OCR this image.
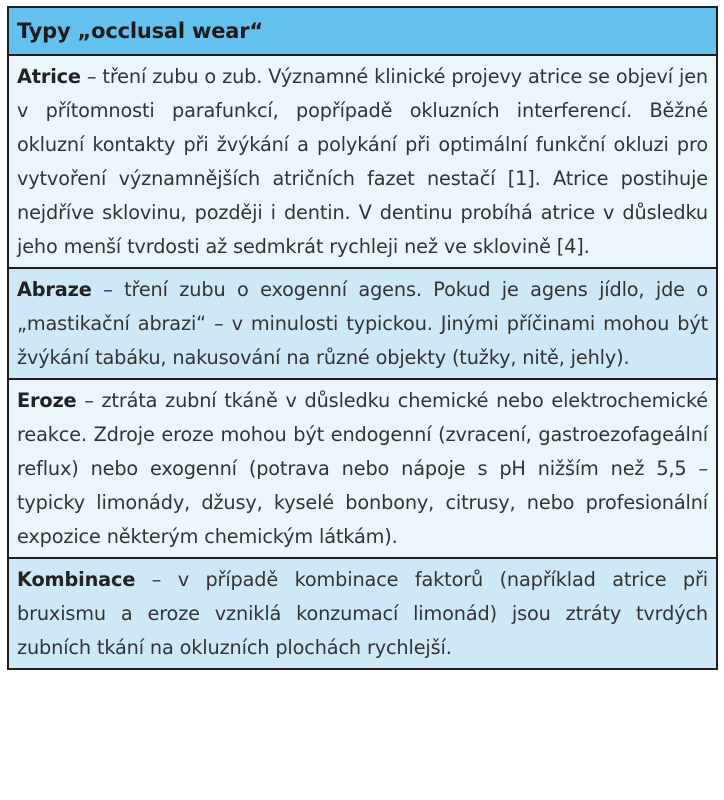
Typy „occlusal wear“
Atrice – tření zubu o zub. Významné klinické projevy atrice se objeví jen v přítomnosti parafunkcí, popřípadě okluzních interferencí. Běžné okluzní kontakty při žvýkání a polykání při optimální funkční okluzi pro vytvoření významnějších atričních fazet nestačí [1]. Atrice postihuje nejdříve sklovinu, později i dentin. V dentinu probíhá atrice v důsledku jeho menší tvrdosti až sedmkrát rychleji než ve sklovině [4].
Abraze – tření zubu o exogenní agens. Pokud je agens jídlo, jde o „mastikační abrazi“ – v minulosti typickou. Jinými příčinami mohou být žvýkání tabáku, nakusování na různé objekty (tužky, nitě, jehly).
Eroze – ztráta zubní tkáně v důsledku chemické nebo elektrochemické reakce. Zdroje eroze mohou být endogenní (zvracení, gastroezofageální reflux) nebo exogenní (potrava nebo nápoje s pH nižším než 5,5 – typicky limonády, džusy, kyselé bonbony, citrusy, nebo profesionální expozice některým chemickým látkám).
Kombinace – v případě kombinace faktorů (například atrice při bruxismu a eroze vzniklá konzumací limonád) jsou ztráty tvrdých zubních tkání na okluzních plochách rychlejší.
